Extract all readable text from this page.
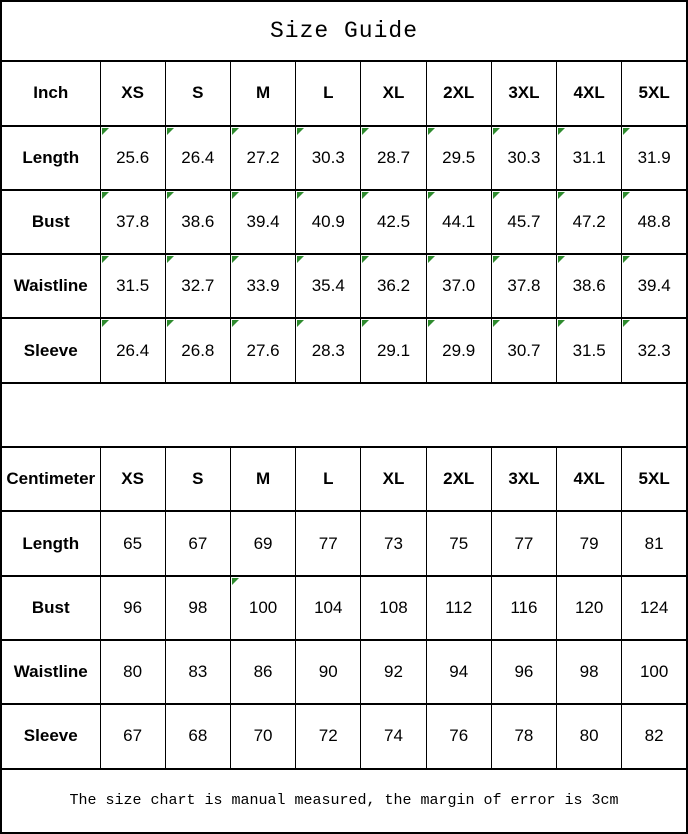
Size Guide									
Inch	XS	S	M	L	XL	2XL	3XL	4XL	5XL
Length	25.6	26.4	27.2	30.3	28.7	29.5	30.3	31.1	31.9

Bust	37.8	38.6	39.4	40.9	42.5	44.1	45.7	47.2	48.8

Waistline	31.5	32.7	33.9	35.4	36.2	37.0	37.8	38.6	39.4

Sleeve	26.4	26.8	27.6	28.3	29.1	29.9	30.7	31.5	32.3

Centimeter	XS	S	M	L	XL	2XL	3XL	4XL	5XL
Length	65	67	69	77	73	75	77	79	81
Bust	96	98	100	104	108	112	116	120	124
Waistline	80	83	86	90	92	94	96	98	100
Sleeve	67	68	70	72	74	76	78	80	82
The size chart is manual measured, the margin of error is 3cm									
